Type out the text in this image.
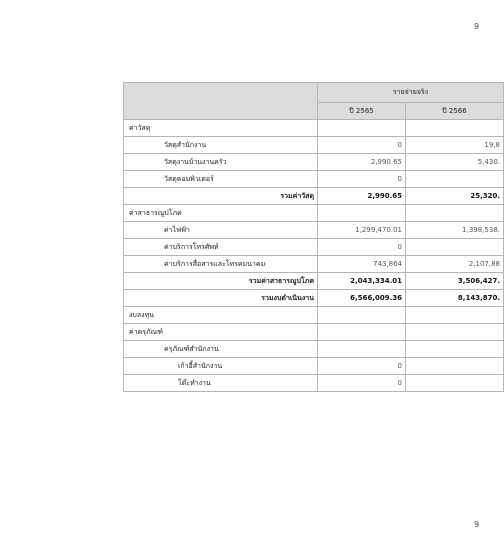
9
	รายจ่ายจริง	
	ปี 2565	ปี 2566
ค่าวัสดุ		
วัสดุสำนักงาน	0	19,8
วัสดุงานบ้านงานครัว	2,990.65	5,430.
วัสดุคอมพิวเตอร์	0	
รวมค่าวัสดุ	2,990.65	25,320.
ค่าสาธารณูปโภค		
ค่าไฟฟ้า	1,299,470.01	1,398,538.
ค่าบริการโทรศัพท์	0	
ค่าบริการสื่อสารและโทรคมนาคม	743,864	2,107,88
รวมค่าสาธารณูปโภค	2,043,334.01	3,506,427.
รวมงบดำเนินงาน	6,566,009.36	8,143,870.
งบลงทุน		
ค่าครุภัณฑ์		
ครุภัณฑ์สำนักงาน		
เก้าอี้สำนักงาน	0	
โต๊ะทำงาน	0	
9
